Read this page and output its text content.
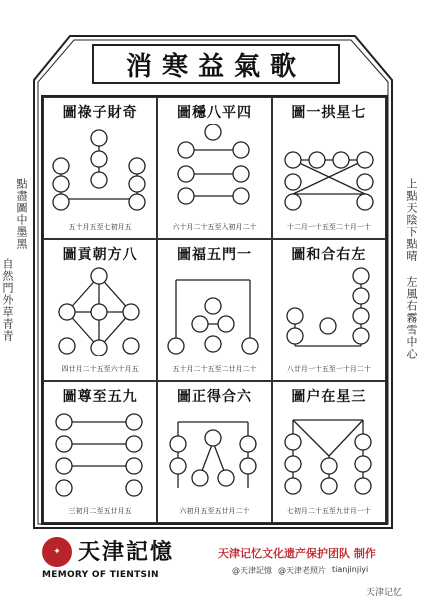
消寒益氣歌
點盡圖中墨黑
自然門外草青青
上點天陰下點晴
左風右霧雪中心
圖祿子財奇
五十月五至七初月五
圖穩八平四
六十月二十五至入初月二十
圖一拱星七
十二月一十五至二十月一十
圖貢朝方八
四廿月二十五至六十月五
圖福五門一
五十月二十五至二廿月二十
圖和合右左
八廿月一十五至一十月二十
圖尊至五九
三初月二至五廿月五
圖正得合六
六初月五至五廿月二十
圖户在星三
七初月二十五至九廿月一十
✦ 天津記憶
MEMORY OF TIENTSIN
天津记忆文化遗产保护团队 制作
@天津記憶 @天津老照片 tianjinjiyi
天津记忆
